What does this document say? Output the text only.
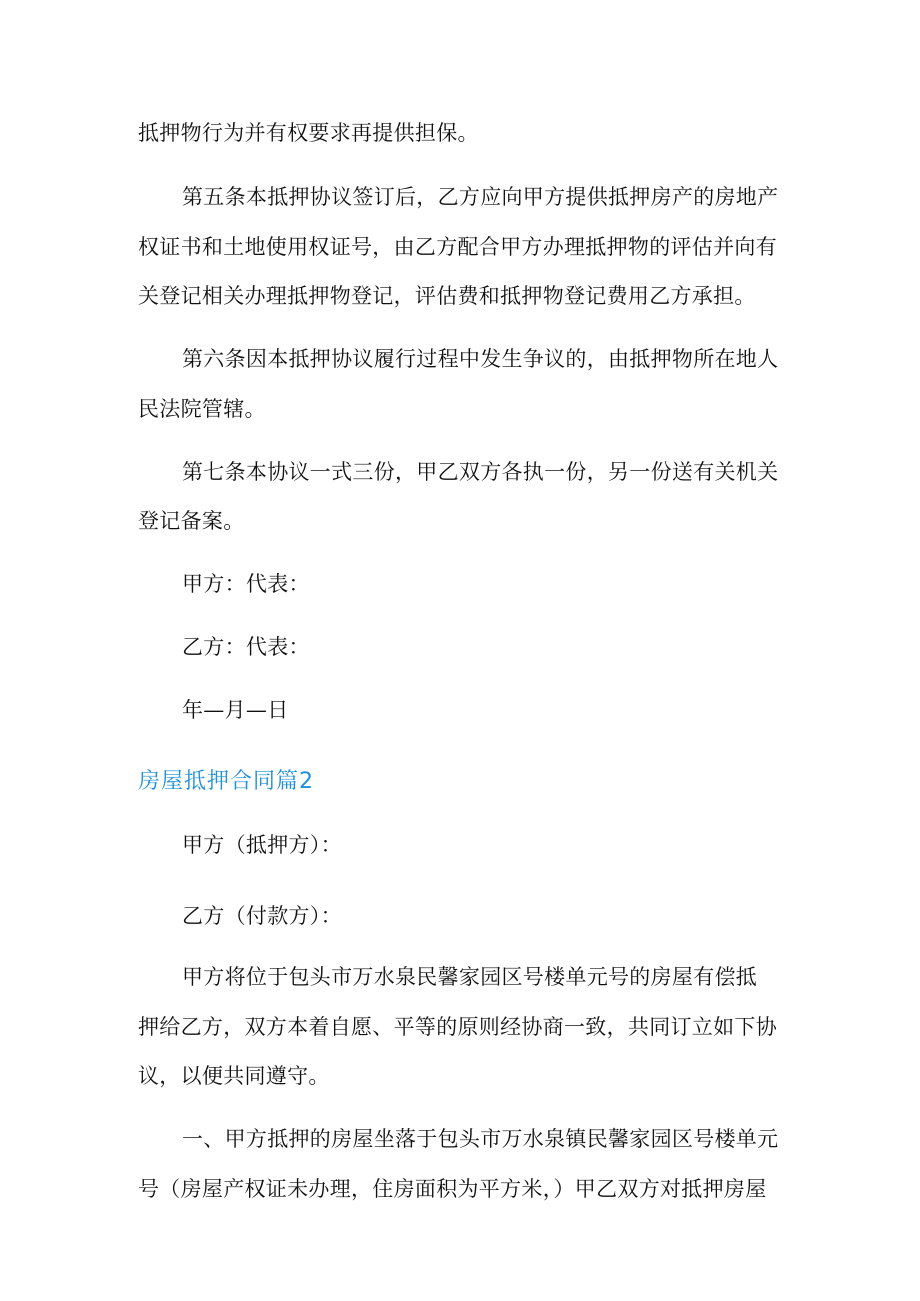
抵押物行为并有权要求再提供担保。
第五条本抵押协议签订后，乙方应向甲方提供抵押房产的房地产
权证书和土地使用权证号，由乙方配合甲方办理抵押物的评估并向有
关登记相关办理抵押物登记，评估费和抵押物登记费用乙方承担。
第六条因本抵押协议履行过程中发生争议的，由抵押物所在地人
民法院管辖。
第七条本协议一式三份，甲乙双方各执一份，另一份送有关机关
登记备案。
甲方：代表：
乙方：代表：
年—月—日
房屋抵押合同篇2
甲方（抵押方）：
乙方（付款方）：
甲方将位于包头市万水泉民馨家园区号楼单元号的房屋有偿抵
押给乙方，双方本着自愿、平等的原则经协商一致，共同订立如下协
议，以便共同遵守。
一、甲方抵押的房屋坐落于包头市万水泉镇民馨家园区号楼单元
号（房屋产权证未办理，住房面积为平方米，）甲乙双方对抵押房屋
